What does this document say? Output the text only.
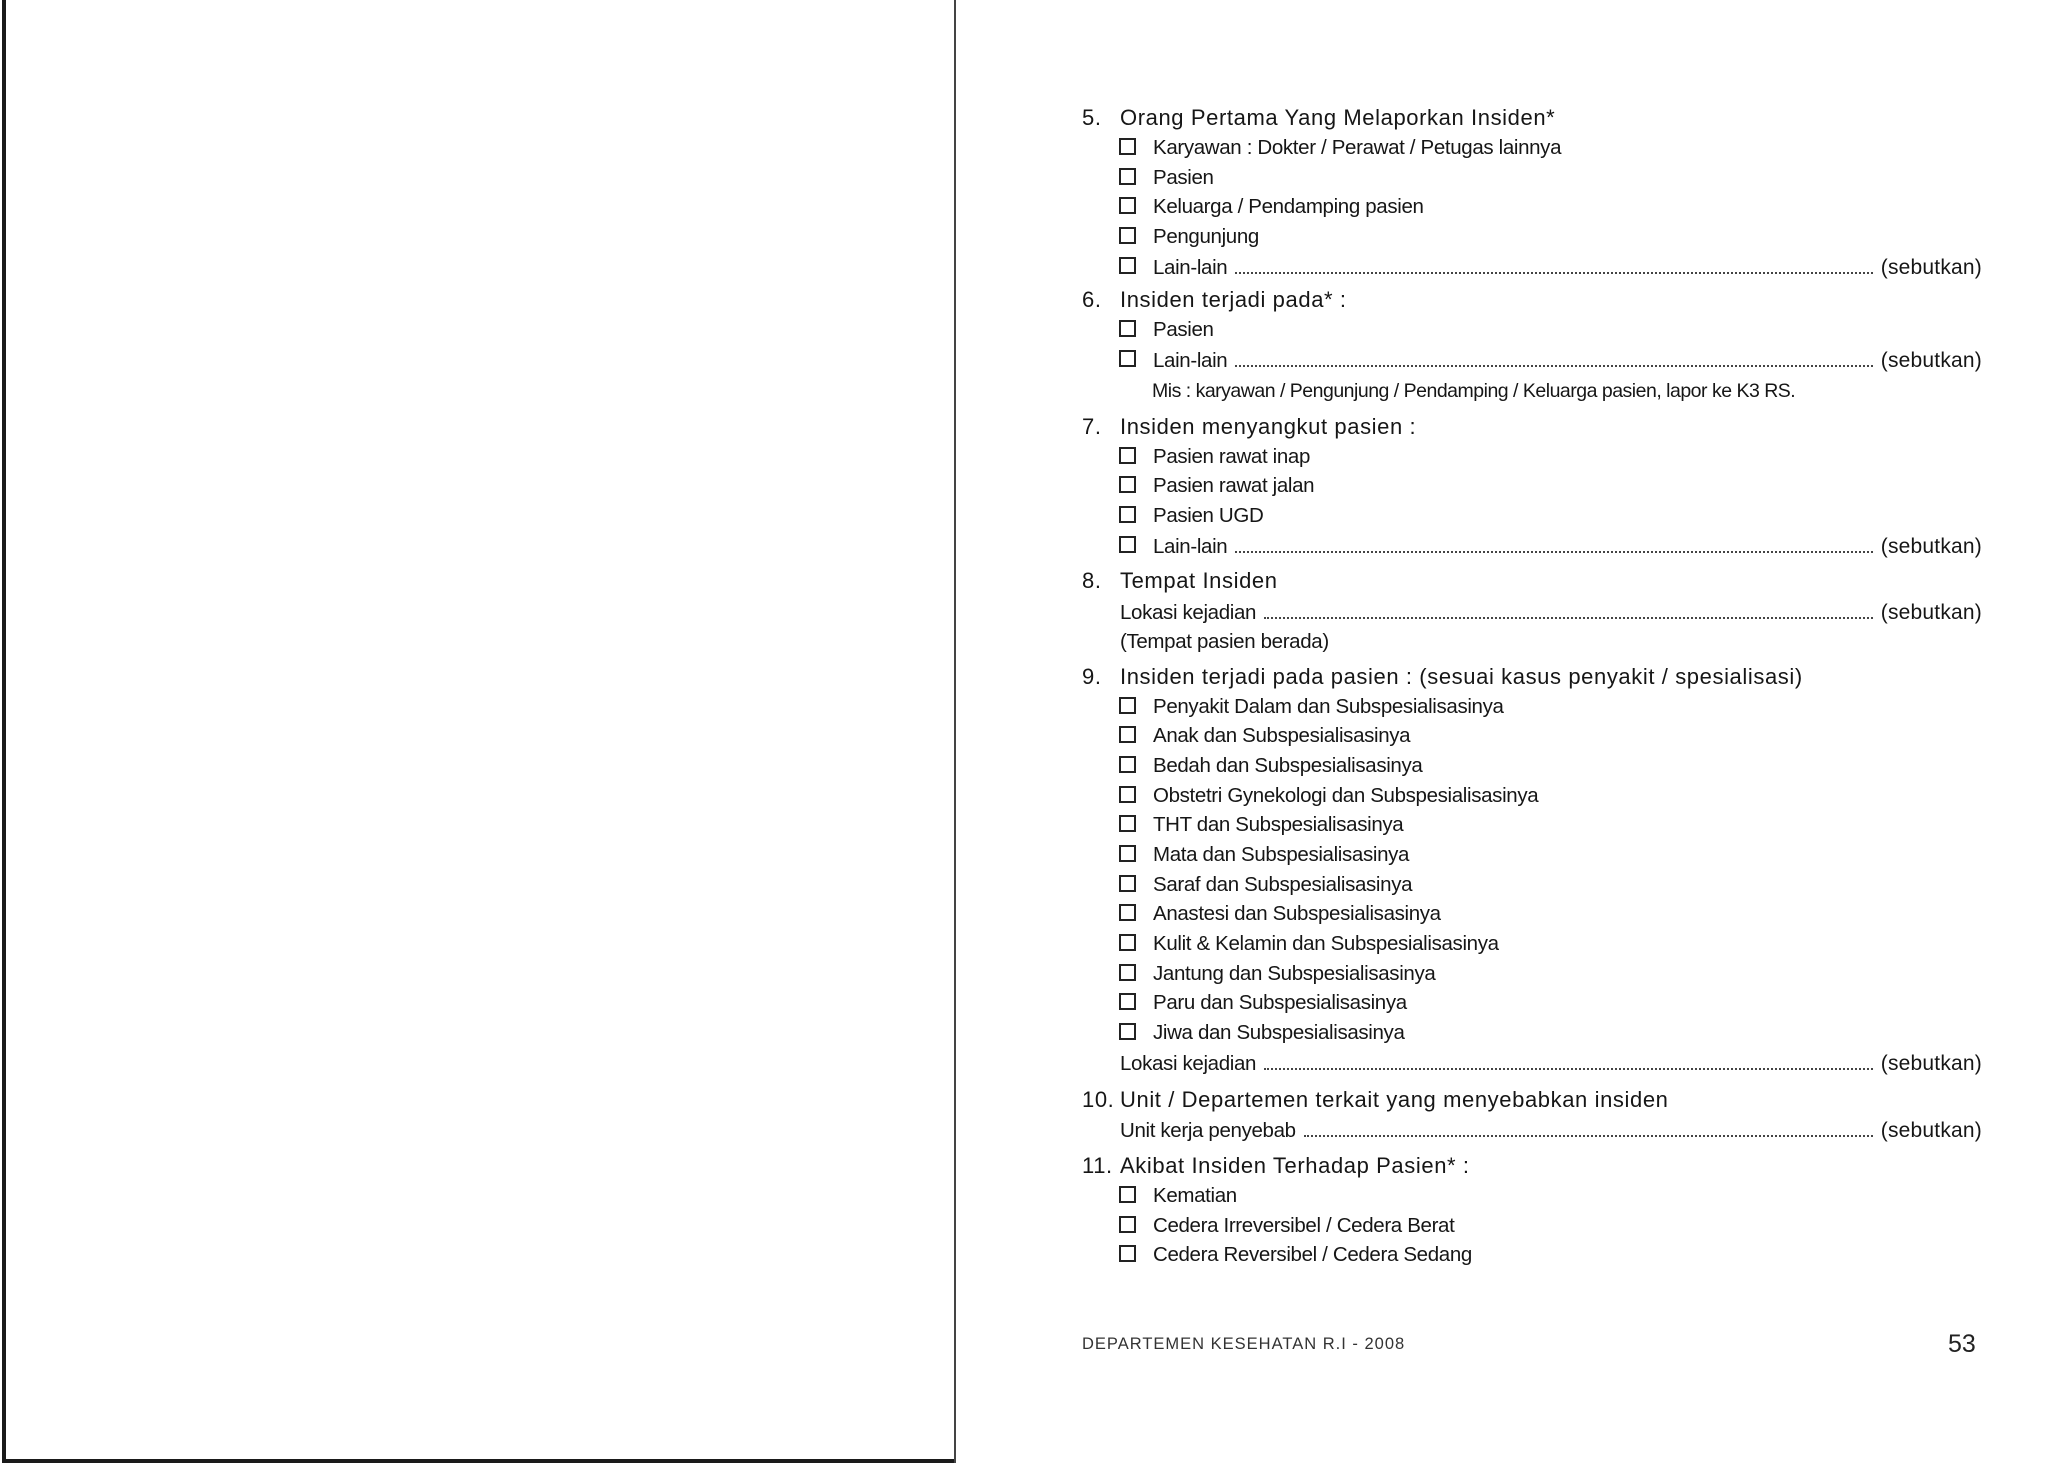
5. Orang Pertama Yang Melaporkan Insiden*
Karyawan : Dokter / Perawat / Petugas lainnya
Pasien
Keluarga / Pendamping pasien
Pengunjung
Lain-lain	(sebutkan)
6. Insiden terjadi pada* :
Pasien
Lain-lain	(sebutkan)
Mis : karyawan / Pengunjung / Pendamping / Keluarga pasien, lapor ke K3 RS.
7. Insiden menyangkut pasien :
Pasien rawat inap
Pasien rawat jalan
Pasien UGD
Lain-lain	(sebutkan)
8. Tempat Insiden
Lokasi kejadian	(sebutkan)
(Tempat pasien berada)
9. Insiden terjadi pada pasien : (sesuai kasus penyakit / spesialisasi)
Penyakit Dalam dan Subspesialisasinya
Anak dan Subspesialisasinya
Bedah dan Subspesialisasinya
Obstetri Gynekologi dan Subspesialisasinya
THT dan Subspesialisasinya
Mata dan Subspesialisasinya
Saraf dan Subspesialisasinya
Anastesi dan Subspesialisasinya
Kulit & Kelamin dan Subspesialisasinya
Jantung dan Subspesialisasinya
Paru dan Subspesialisasinya
Jiwa dan Subspesialisasinya
Lokasi kejadian	(sebutkan)
10. Unit / Departemen terkait yang menyebabkan insiden
Unit kerja penyebab	(sebutkan)
11. Akibat Insiden Terhadap Pasien* :
Kematian
Cedera Irreversibel / Cedera Berat
Cedera Reversibel / Cedera Sedang
DEPARTEMEN KESEHATAN R.I - 2008	53
